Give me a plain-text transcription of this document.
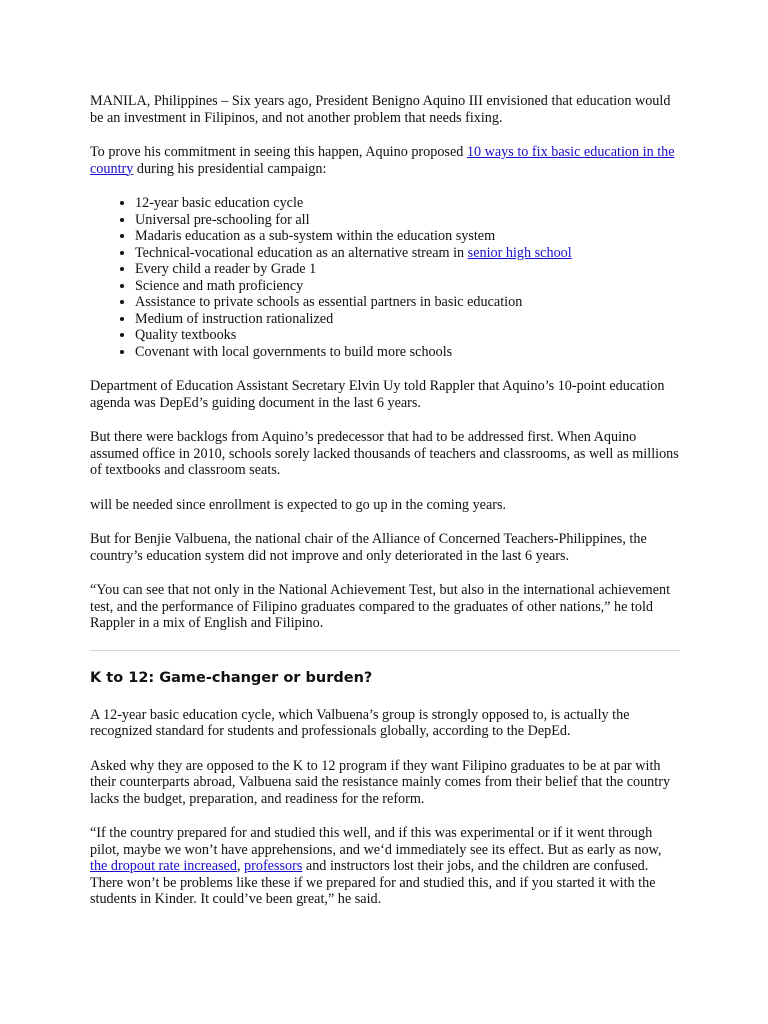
MANILA, Philippines – Six years ago, President Benigno Aquino III envisioned that education would be an investment in Filipinos, and not another problem that needs fixing.

To prove his commitment in seeing this happen, Aquino proposed 10 ways to fix basic education in the country during his presidential campaign:

• 12-year basic education cycle
• Universal pre-schooling for all
• Madaris education as a sub-system within the education system
• Technical-vocational education as an alternative stream in senior high school
• Every child a reader by Grade 1
• Science and math proficiency
• Assistance to private schools as essential partners in basic education
• Medium of instruction rationalized
• Quality textbooks
• Covenant with local governments to build more schools

Department of Education Assistant Secretary Elvin Uy told Rappler that Aquino’s 10-point education agenda was DepEd’s guiding document in the last 6 years.

But there were backlogs from Aquino’s predecessor that had to be addressed first. When Aquino assumed office in 2010, schools sorely lacked thousands of teachers and classrooms, as well as millions of textbooks and classroom seats.

will be needed since enrollment is expected to go up in the coming years.

But for Benjie Valbuena, the national chair of the Alliance of Concerned Teachers-Philippines, the country’s education system did not improve and only deteriorated in the last 6 years.

“You can see that not only in the National Achievement Test, but also in the international achievement test, and the performance of Filipino graduates compared to the graduates of other nations,” he told Rappler in a mix of English and Filipino.

K to 12: Game-changer or burden?

A 12-year basic education cycle, which Valbuena’s group is strongly opposed to, is actually the recognized standard for students and professionals globally, according to the DepEd.

Asked why they are opposed to the K to 12 program if they want Filipino graduates to be at par with their counterparts abroad, Valbuena said the resistance mainly comes from their belief that the country lacks the budget, preparation, and readiness for the reform.

“If the country prepared for and studied this well, and if this was experimental or if it went through pilot, maybe we won’t have apprehensions, and we‘d immediately see its effect. But as early as now, the dropout rate increased, professors and instructors lost their jobs, and the children are confused. There won’t be problems like these if we prepared for and studied this, and if you started it with the students in Kinder. It could’ve been great,” he said.
